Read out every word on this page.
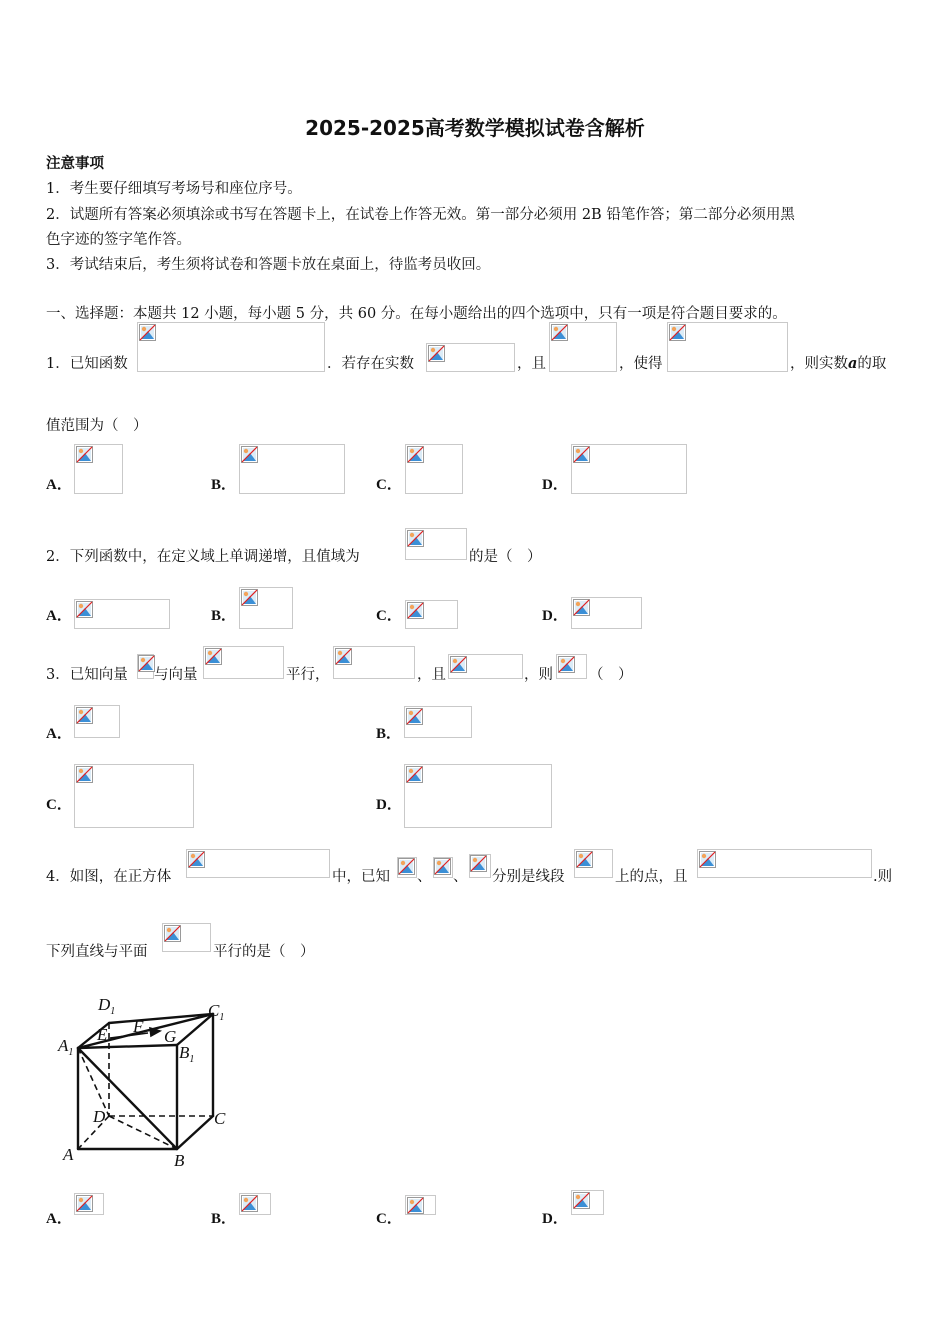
2025-2025高考数学模拟试卷含解析
注意事项
1．考生要仔细填写考场号和座位序号。
2．试题所有答案必须填涂或书写在答题卡上，在试卷上作答无效。第一部分必须用 2B 铅笔作答；第二部分必须用黑
色字迹的签字笔作答。
3．考试结束后，考生须将试卷和答题卡放在桌面上，待监考员收回。
一、选择题：本题共 12 小题，每小题 5 分，共 60 分。在每小题给出的四个选项中，只有一项是符合题目要求的。
1．已知函数	．若存在实数	，且	，使得	，则实数a的取
值范围为（　）
A．	B．	C．	D．
2．下列函数中，在定义域上单调递增，且值域为	的是（　）
A．	B．	C．	D．
3．已知向量 与向量	平行，	，且	，则 （　）
A．	B．
C．	D．
4．如图，在正方体	中，已知 、 、 分别是线段	上的点，且	.则
下列直线与平面	平行的是（　）
$D_1$	$C_1$
$A_1$	$B_1$
E F
G
D	C
A	B
A．	B．	C．	D．
